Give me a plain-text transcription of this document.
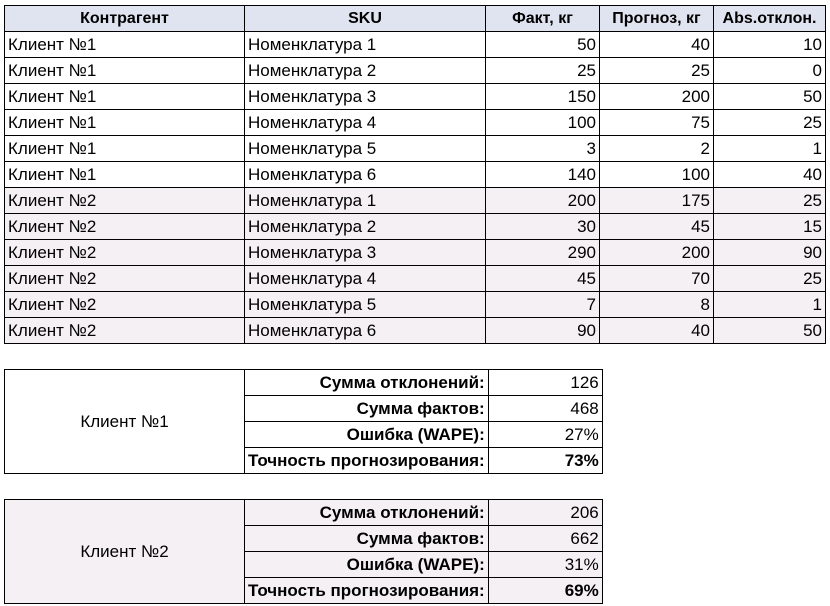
Контрагент	SKU	Факт, кг	Прогноз, кг	Abs.отклон.
Клиент №1	Номенклатура 1	50	40	10
Клиент №1	Номенклатура 2	25	25	0
Клиент №1	Номенклатура 3	150	200	50
Клиент №1	Номенклатура 4	100	75	25
Клиент №1	Номенклатура 5	3	2	1
Клиент №1	Номенклатура 6	140	100	40
Клиент №2	Номенклатура 1	200	175	25
Клиент №2	Номенклатура 2	30	45	15
Клиент №2	Номенклатура 3	290	200	90
Клиент №2	Номенклатура 4	45	70	25
Клиент №2	Номенклатура 5	7	8	1
Клиент №2	Номенклатура 6	90	40	50
Клиент №1	Сумма отклонений:	126
	Сумма фактов:	468
	Ошибка (WAPE):	27%
	Точность прогнозирования:	73%
Клиент №2	Сумма отклонений:	206
	Сумма фактов:	662
	Ошибка (WAPE):	31%
	Точность прогнозирования:	69%
